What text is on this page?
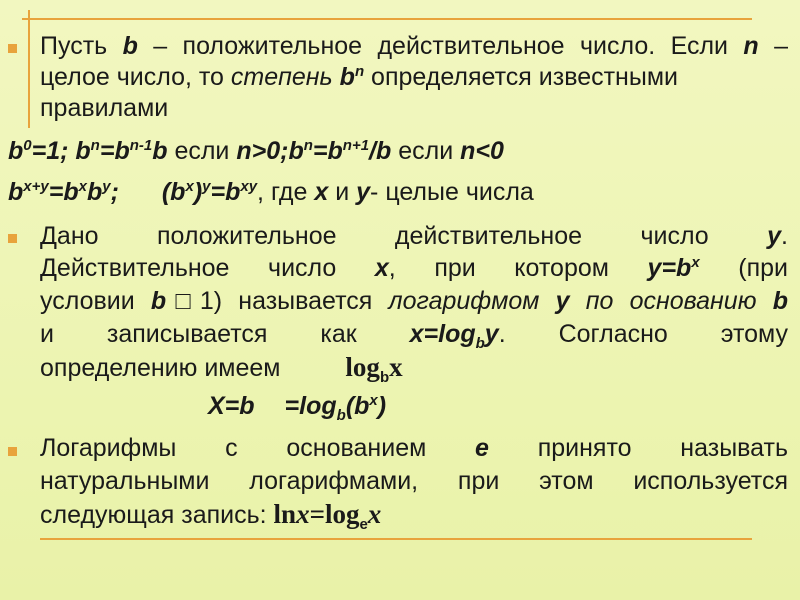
Пусть b – положительное действительное число. Если n – целое число, то степень $b^n$ определяется известными
правилами
$b^0=1$; $b^n=b^{n-1}b$ если $n>0;b^n=b^{n+1}/b$ если n<0
$b^{x+y}=b^xb^y$; $(b^x)^y=b^{xy}$, где x и y- целые числа
Дано положительное действительное число y.
Действительное число x, при котором $y=b^x$ (при
условии b□1) называется логарифмом y по основанию b
и записывается как $x=\log_by$. Согласно этому
определению имеем $\log_bx$
$X=b =\log_b(b^x)$
Логарифмы с основанием e принято называть
натуральными логарифмами, при этом используется
следующая запись: $\ln x=\log_ex$
